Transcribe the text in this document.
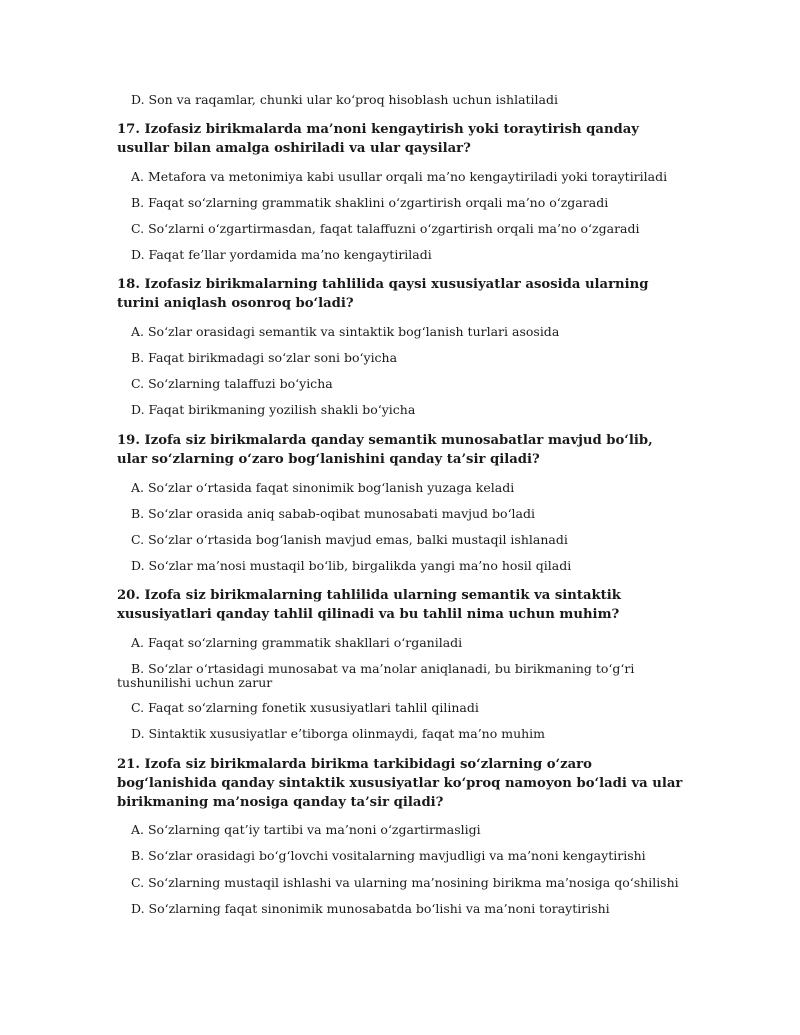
D. Son va raqamlar, chunki ular ko‘proq hisoblash uchun ishlatiladi
17. Izofasiz birikmalarda ma’noni kengaytirish yoki toraytirish qanday usullar bilan amalga oshiriladi va ular qaysilar?
A. Metafora va metonimiya kabi usullar orqali ma’no kengaytiriladi yoki toraytiriladi
B. Faqat so‘zlarning grammatik shaklini o‘zgartirish orqali ma’no o‘zgaradi
C. So‘zlarni o‘zgartirmasdan, faqat talaffuzni o‘zgartirish orqali ma’no o‘zgaradi
D. Faqat fe’llar yordamida ma’no kengaytiriladi
18. Izofasiz birikmalarning tahlilida qaysi xususiyatlar asosida ularning turini aniqlash osonroq bo‘ladi?
A. So‘zlar orasidagi semantik va sintaktik bog‘lanish turlari asosida
B. Faqat birikmadagi so‘zlar soni bo‘yicha
C. So‘zlarning talaffuzi bo‘yicha
D. Faqat birikmaning yozilish shakli bo‘yicha
19. Izofa siz birikmalarda qanday semantik munosabatlar mavjud bo‘lib, ular so‘zlarning o‘zaro bog‘lanishini qanday ta’sir qiladi?
A. So‘zlar o‘rtasida faqat sinonimik bog‘lanish yuzaga keladi
B. So‘zlar orasida aniq sabab-oqibat munosabati mavjud bo‘ladi
C. So‘zlar o‘rtasida bog‘lanish mavjud emas, balki mustaqil ishlanadi
D. So‘zlar ma’nosi mustaqil bo‘lib, birgalikda yangi ma’no hosil qiladi
20. Izofa siz birikmalarning tahlilida ularning semantik va sintaktik xususiyatlari qanday tahlil qilinadi va bu tahlil nima uchun muhim?
A. Faqat so‘zlarning grammatik shakllari o‘rganiladi
B. So‘zlar o‘rtasidagi munosabat va ma’nolar aniqlanadi, bu birikmaning to‘g‘ri tushunilishi uchun zarur
C. Faqat so‘zlarning fonetik xususiyatlari tahlil qilinadi
D. Sintaktik xususiyatlar e’tiborga olinmaydi, faqat ma’no muhim
21. Izofa siz birikmalarda birikma tarkibidagi so‘zlarning o‘zaro bog‘lanishida qanday sintaktik xususiyatlar ko‘proq namoyon bo‘ladi va ular birikmaning ma’nosiga qanday ta’sir qiladi?
A. So‘zlarning qat’iy tartibi va ma’noni o‘zgartirmasligi
B. So‘zlar orasidagi bo‘g‘lovchi vositalarning mavjudligi va ma’noni kengaytirishi
C. So‘zlarning mustaqil ishlashi va ularning ma’nosining birikma ma’nosiga qo‘shilishi
D. So‘zlarning faqat sinonimik munosabatda bo‘lishi va ma’noni toraytirishi
